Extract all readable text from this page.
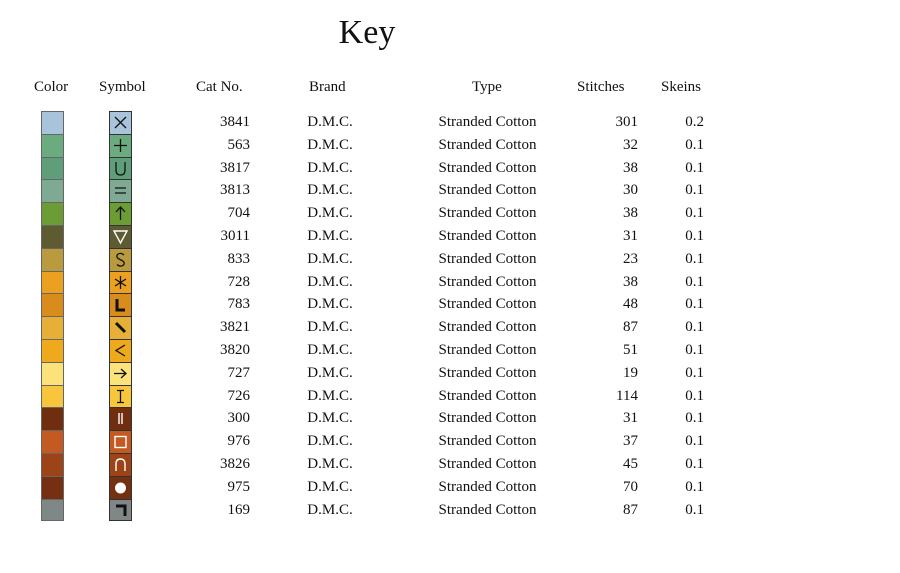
Key
Color Symbol	Cat No.	Brand	Type	Stitches Skeins
3841	D.M.C.	Stranded Cotton	301	0.2
563	D.M.C.	Stranded Cotton	32	0.1
3817	D.M.C.	Stranded Cotton	38	0.1
3813	D.M.C.	Stranded Cotton	30	0.1
704	D.M.C.	Stranded Cotton	38	0.1
3011	D.M.C.	Stranded Cotton	31	0.1
833	D.M.C.	Stranded Cotton	23	0.1
728	D.M.C.	Stranded Cotton	38	0.1
783	D.M.C.	Stranded Cotton	48	0.1
3821	D.M.C.	Stranded Cotton	87	0.1
3820	D.M.C.	Stranded Cotton	51	0.1
727	D.M.C.	Stranded Cotton	19	0.1
726	D.M.C.	Stranded Cotton	114	0.1
300	D.M.C.	Stranded Cotton	31	0.1
976	D.M.C.	Stranded Cotton	37	0.1
3826	D.M.C.	Stranded Cotton	45	0.1
975	D.M.C.	Stranded Cotton	70	0.1
169	D.M.C.	Stranded Cotton	87	0.1
